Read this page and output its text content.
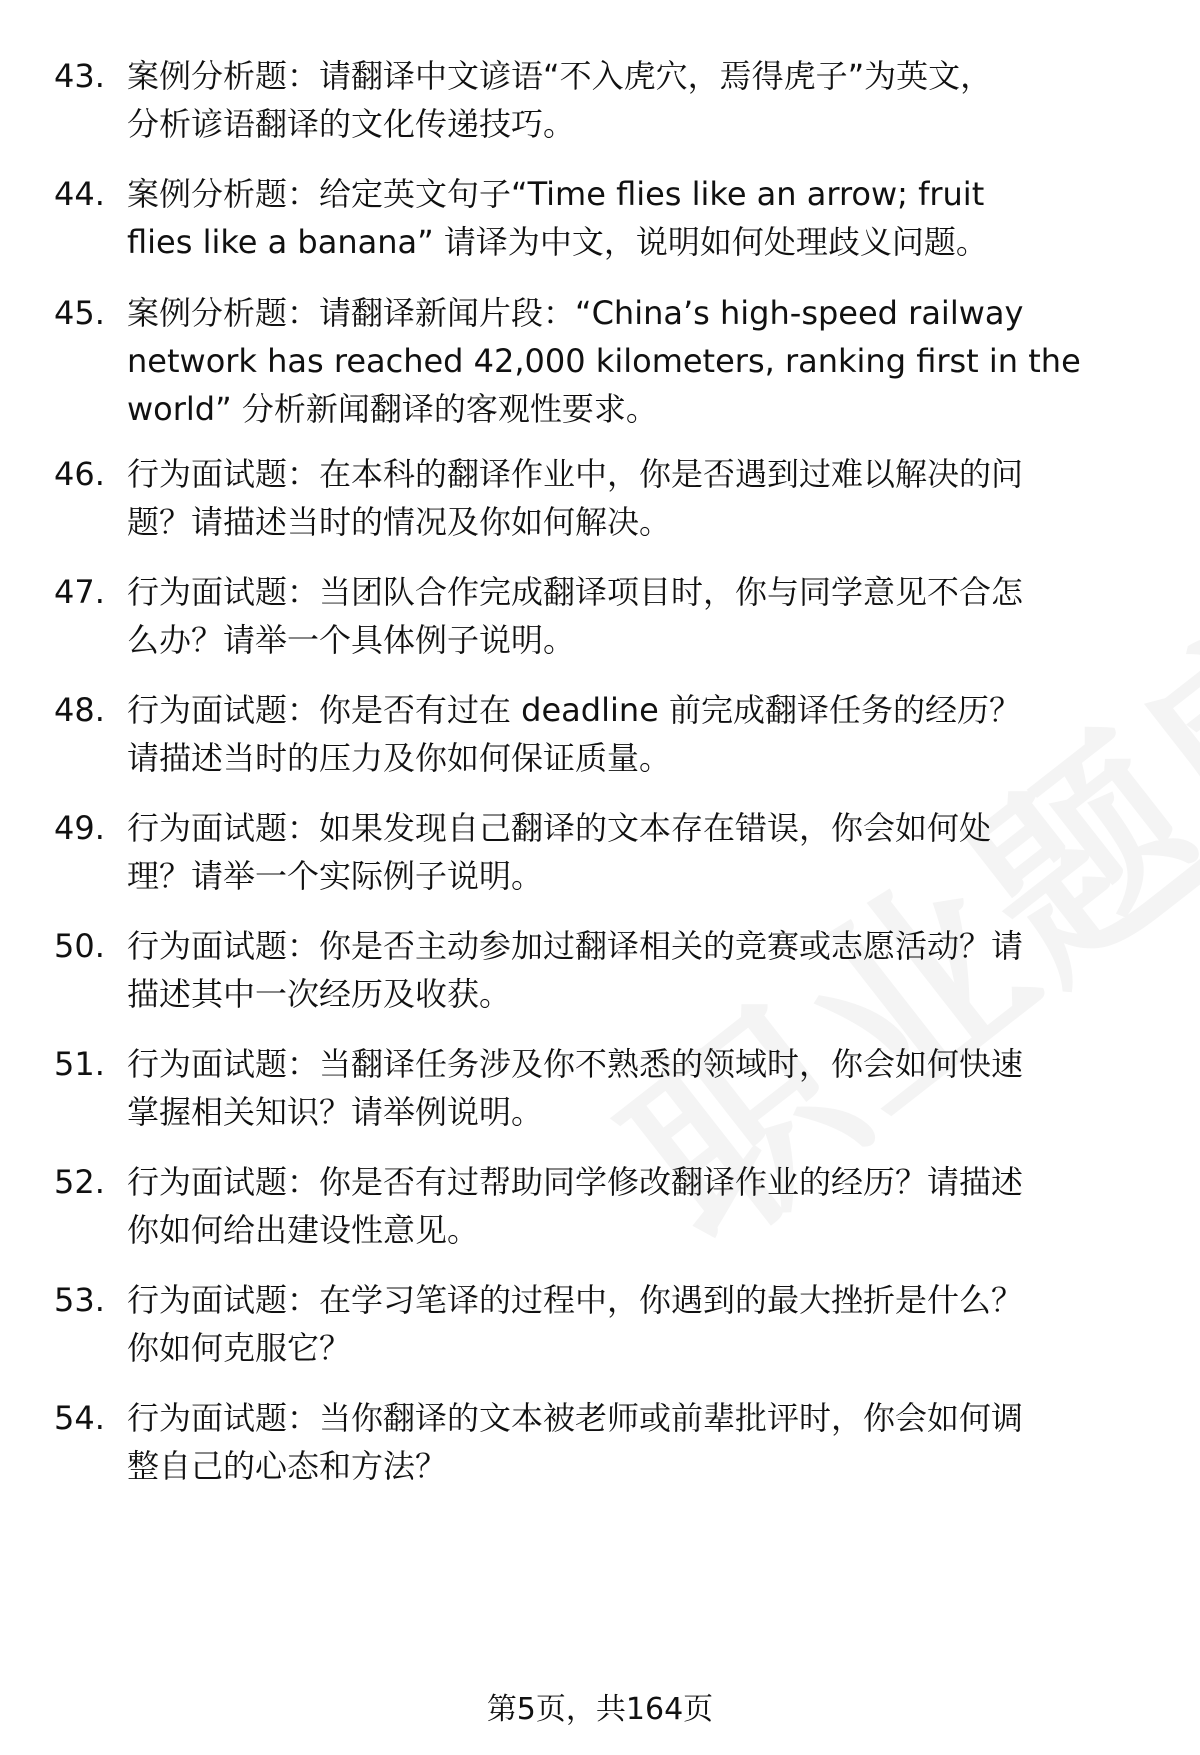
43. 案例分析题：请翻译中文谚语“不入虎穴，焉得虎子”为英文，
分析谚语翻译的文化传递技巧。
44. 案例分析题：给定英文句子“Time flies like an arrow; fruit
flies like a banana” 请译为中文，说明如何处理歧义问题。
45. 案例分析题：请翻译新闻片段：“China’s high-speed railway
network has reached 42,000 kilometers, ranking first in the
world” 分析新闻翻译的客观性要求。
46. 行为面试题：在本科的翻译作业中，你是否遇到过难以解决的问
题？请描述当时的情况及你如何解决。
47. 行为面试题：当团队合作完成翻译项目时，你与同学意见不合怎
么办？请举一个具体例子说明。
48. 行为面试题：你是否有过在 deadline 前完成翻译任务的经历？
请描述当时的压力及你如何保证质量。
49. 行为面试题：如果发现自己翻译的文本存在错误，你会如何处
理？请举一个实际例子说明。
50. 行为面试题：你是否主动参加过翻译相关的竞赛或志愿活动？请
描述其中一次经历及收获。
51. 行为面试题：当翻译任务涉及你不熟悉的领域时，你会如何快速
掌握相关知识？请举例说明。
52. 行为面试题：你是否有过帮助同学修改翻译作业的经历？请描述
你如何给出建设性意见。
53. 行为面试题：在学习笔译的过程中，你遇到的最大挫折是什么？
你如何克服它？
54. 行为面试题：当你翻译的文本被老师或前辈批评时，你会如何调
整自己的心态和方法？
第5页，共164页
